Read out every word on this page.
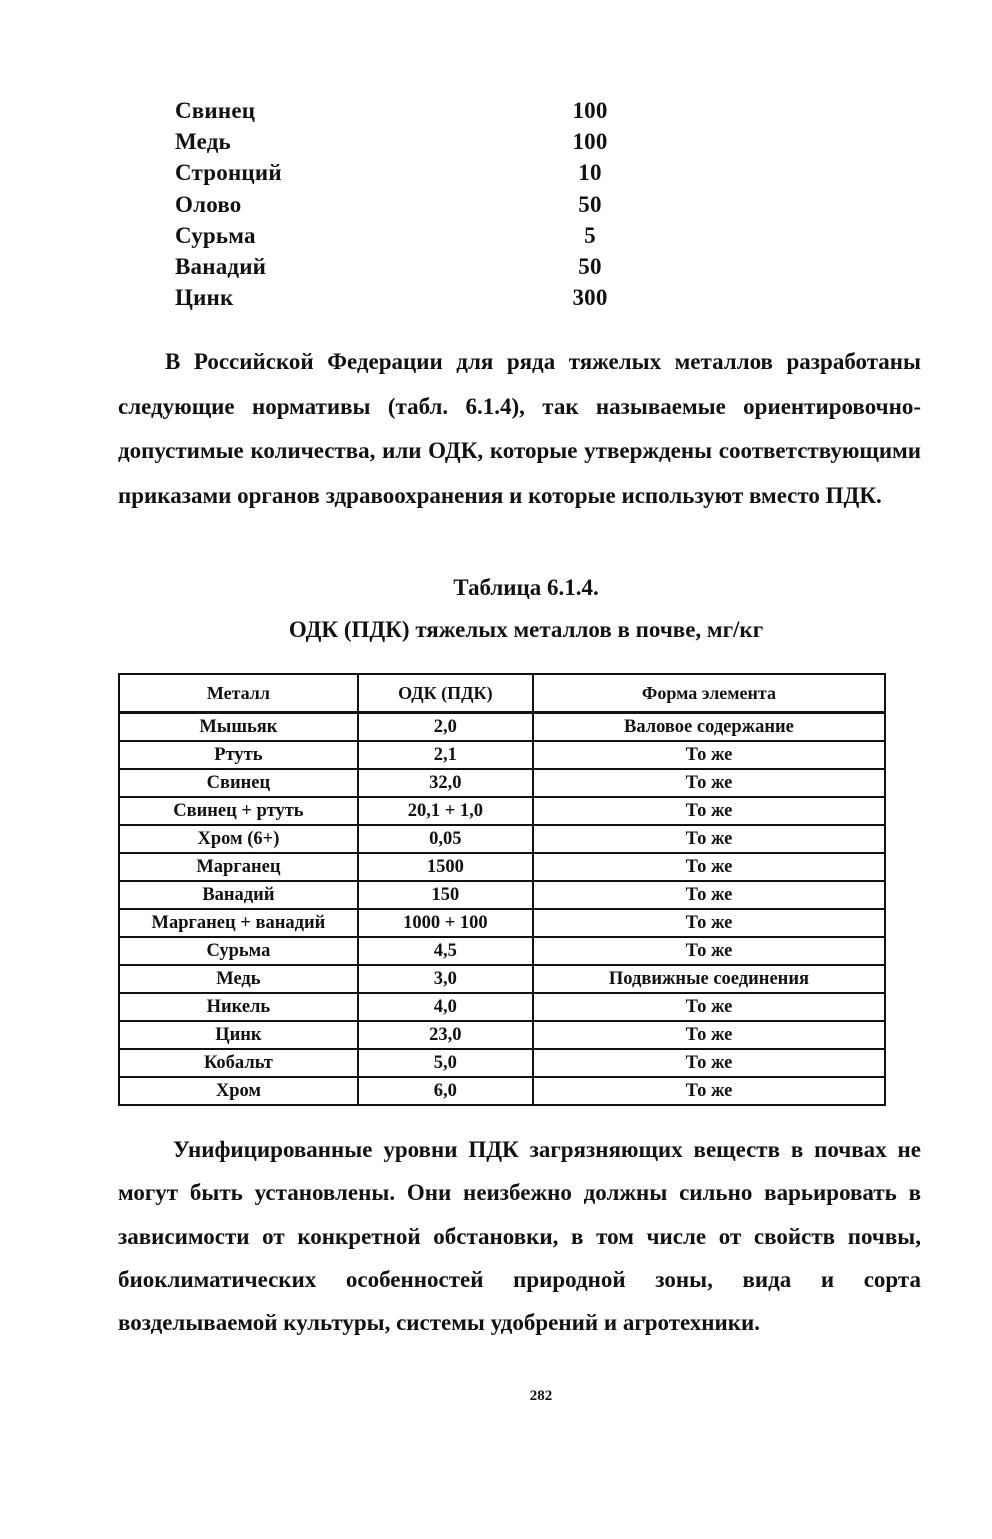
Свинец	100
Медь	100
Стронций	10
Олово	50
Сурьма	5
Ванадий	50
Цинк	300

В Российской Федерации для ряда тяжелых металлов разработаны следующие нормативы (табл. 6.1.4), так называемые ориентировочно-допустимые количества, или ОДК, которые утверждены соответствующими приказами органов здравоохранения и которые используют вместо ПДК.

Таблица 6.1.4.
ОДК (ПДК) тяжелых металлов в почве, мг/кг
Металл	ОДК (ПДК)	Форма элемента
Мышьяк	2,0	Валовое содержание
Ртуть	2,1	То же
Свинец	32,0	То же
Свинец + ртуть	20,1 + 1,0	То же
Хром (6+)	0,05	То же
Марганец	1500	То же
Ванадий	150	То же
Марганец + ванадий	1000 + 100	То же
Сурьма	4,5	То же
Медь	3,0	Подвижные соединения
Никель	4,0	То же
Цинк	23,0	То же
Кобальт	5,0	То же
Хром	6,0	То же

Унифицированные уровни ПДК загрязняющих веществ в почвах не могут быть установлены. Они неизбежно должны сильно варьировать в зависимости от конкретной обстановки, в том числе от свойств почвы, биоклиматических особенностей природной зоны, вида и сорта возделываемой культуры, системы удобрений и агротехники.

282
